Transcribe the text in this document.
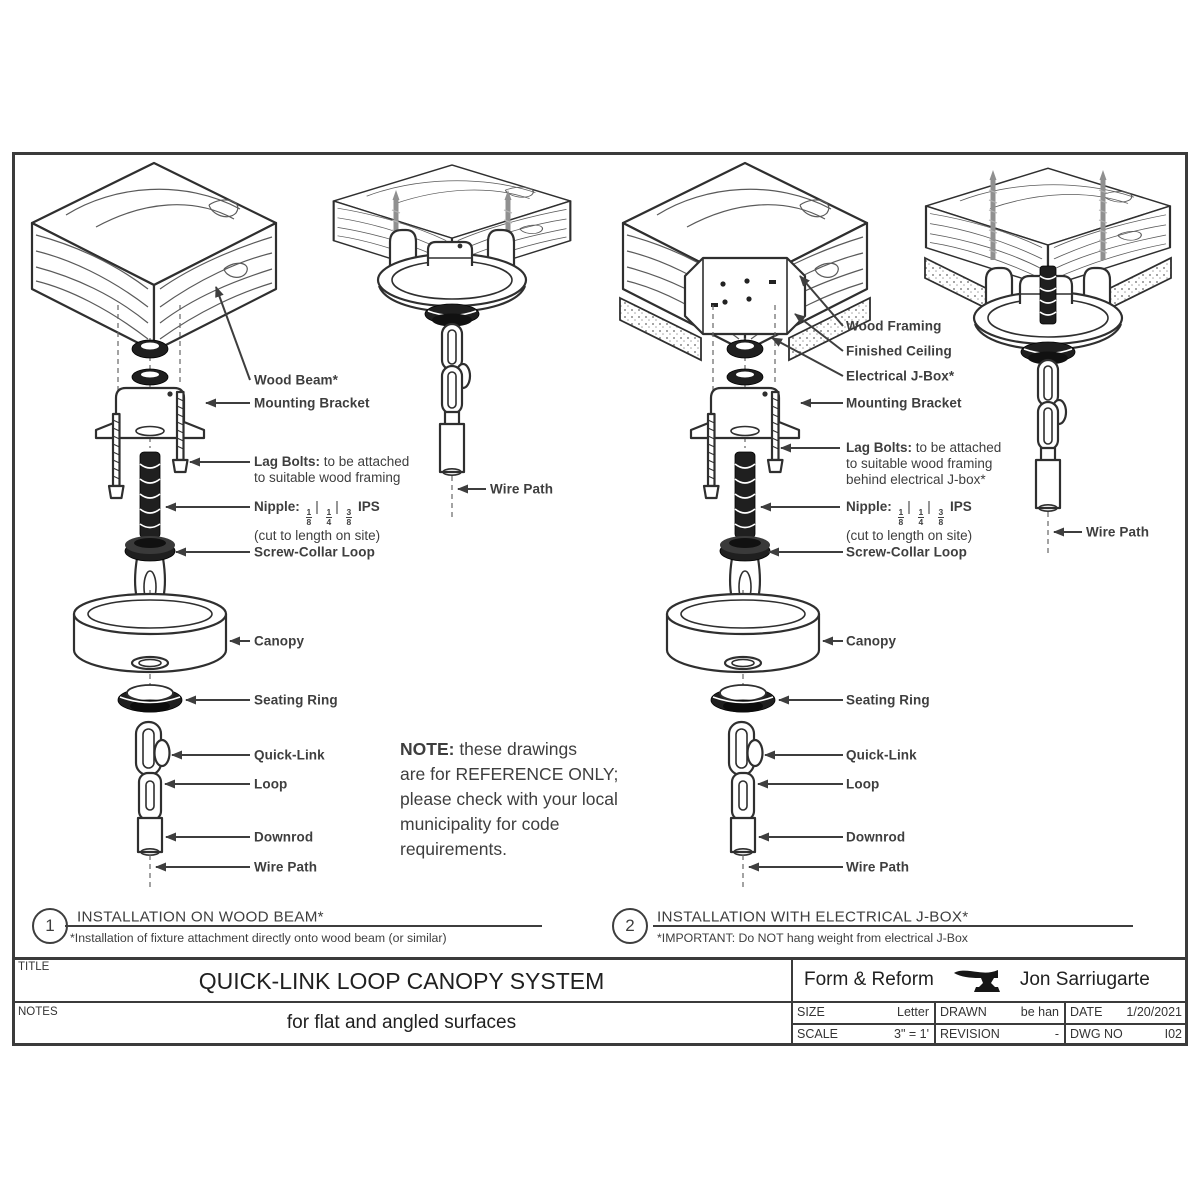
Wood Beam*
Mounting Bracket
Lag Bolts: to be attached
to suitable wood framing
Nipple:
$\frac{1}{8}$
|
$\frac{1}{4}$
|
$\frac{3}{8}$
IPS
(cut to length on site)
Screw-Collar Loop
Wire Path
Wood Framing
Finished Ceiling
Electrical J-Box*
Mounting Bracket
Lag Bolts: to be attached
to suitable wood framing
behind electrical J-box*
Nipple:
$\frac{1}{8}$
|
$\frac{1}{4}$
|
$\frac{3}{8}$
IPS
(cut to length on site)
Screw-Collar Loop
Wire Path
Canopy
Seating Ring
Quick-Link
Loop
Downrod
Wire Path
Canopy
Seating Ring
Quick-Link
Loop
Downrod
Wire Path
NOTE: these drawings
are for REFERENCE ONLY;
please check with your local
municipality for code
requirements.
1	INSTALLATION ON WOOD BEAM*
*Installation of fixture attachment directly onto wood beam (or similar)
2	INSTALLATION WITH ELECTRICAL J-BOX*
*IMPORTANT: Do NOT hang weight from electrical J-Box
TITLE
QUICK-LINK LOOP CANOPY SYSTEM
NOTES	for flat and angled surfaces
Form & Reform	Jon Sarriugarte
SIZE	Letter DRAWN	be han DATE 1/20/2021
SCALE	3" = 1' REVISION	- DWG NO	I02
